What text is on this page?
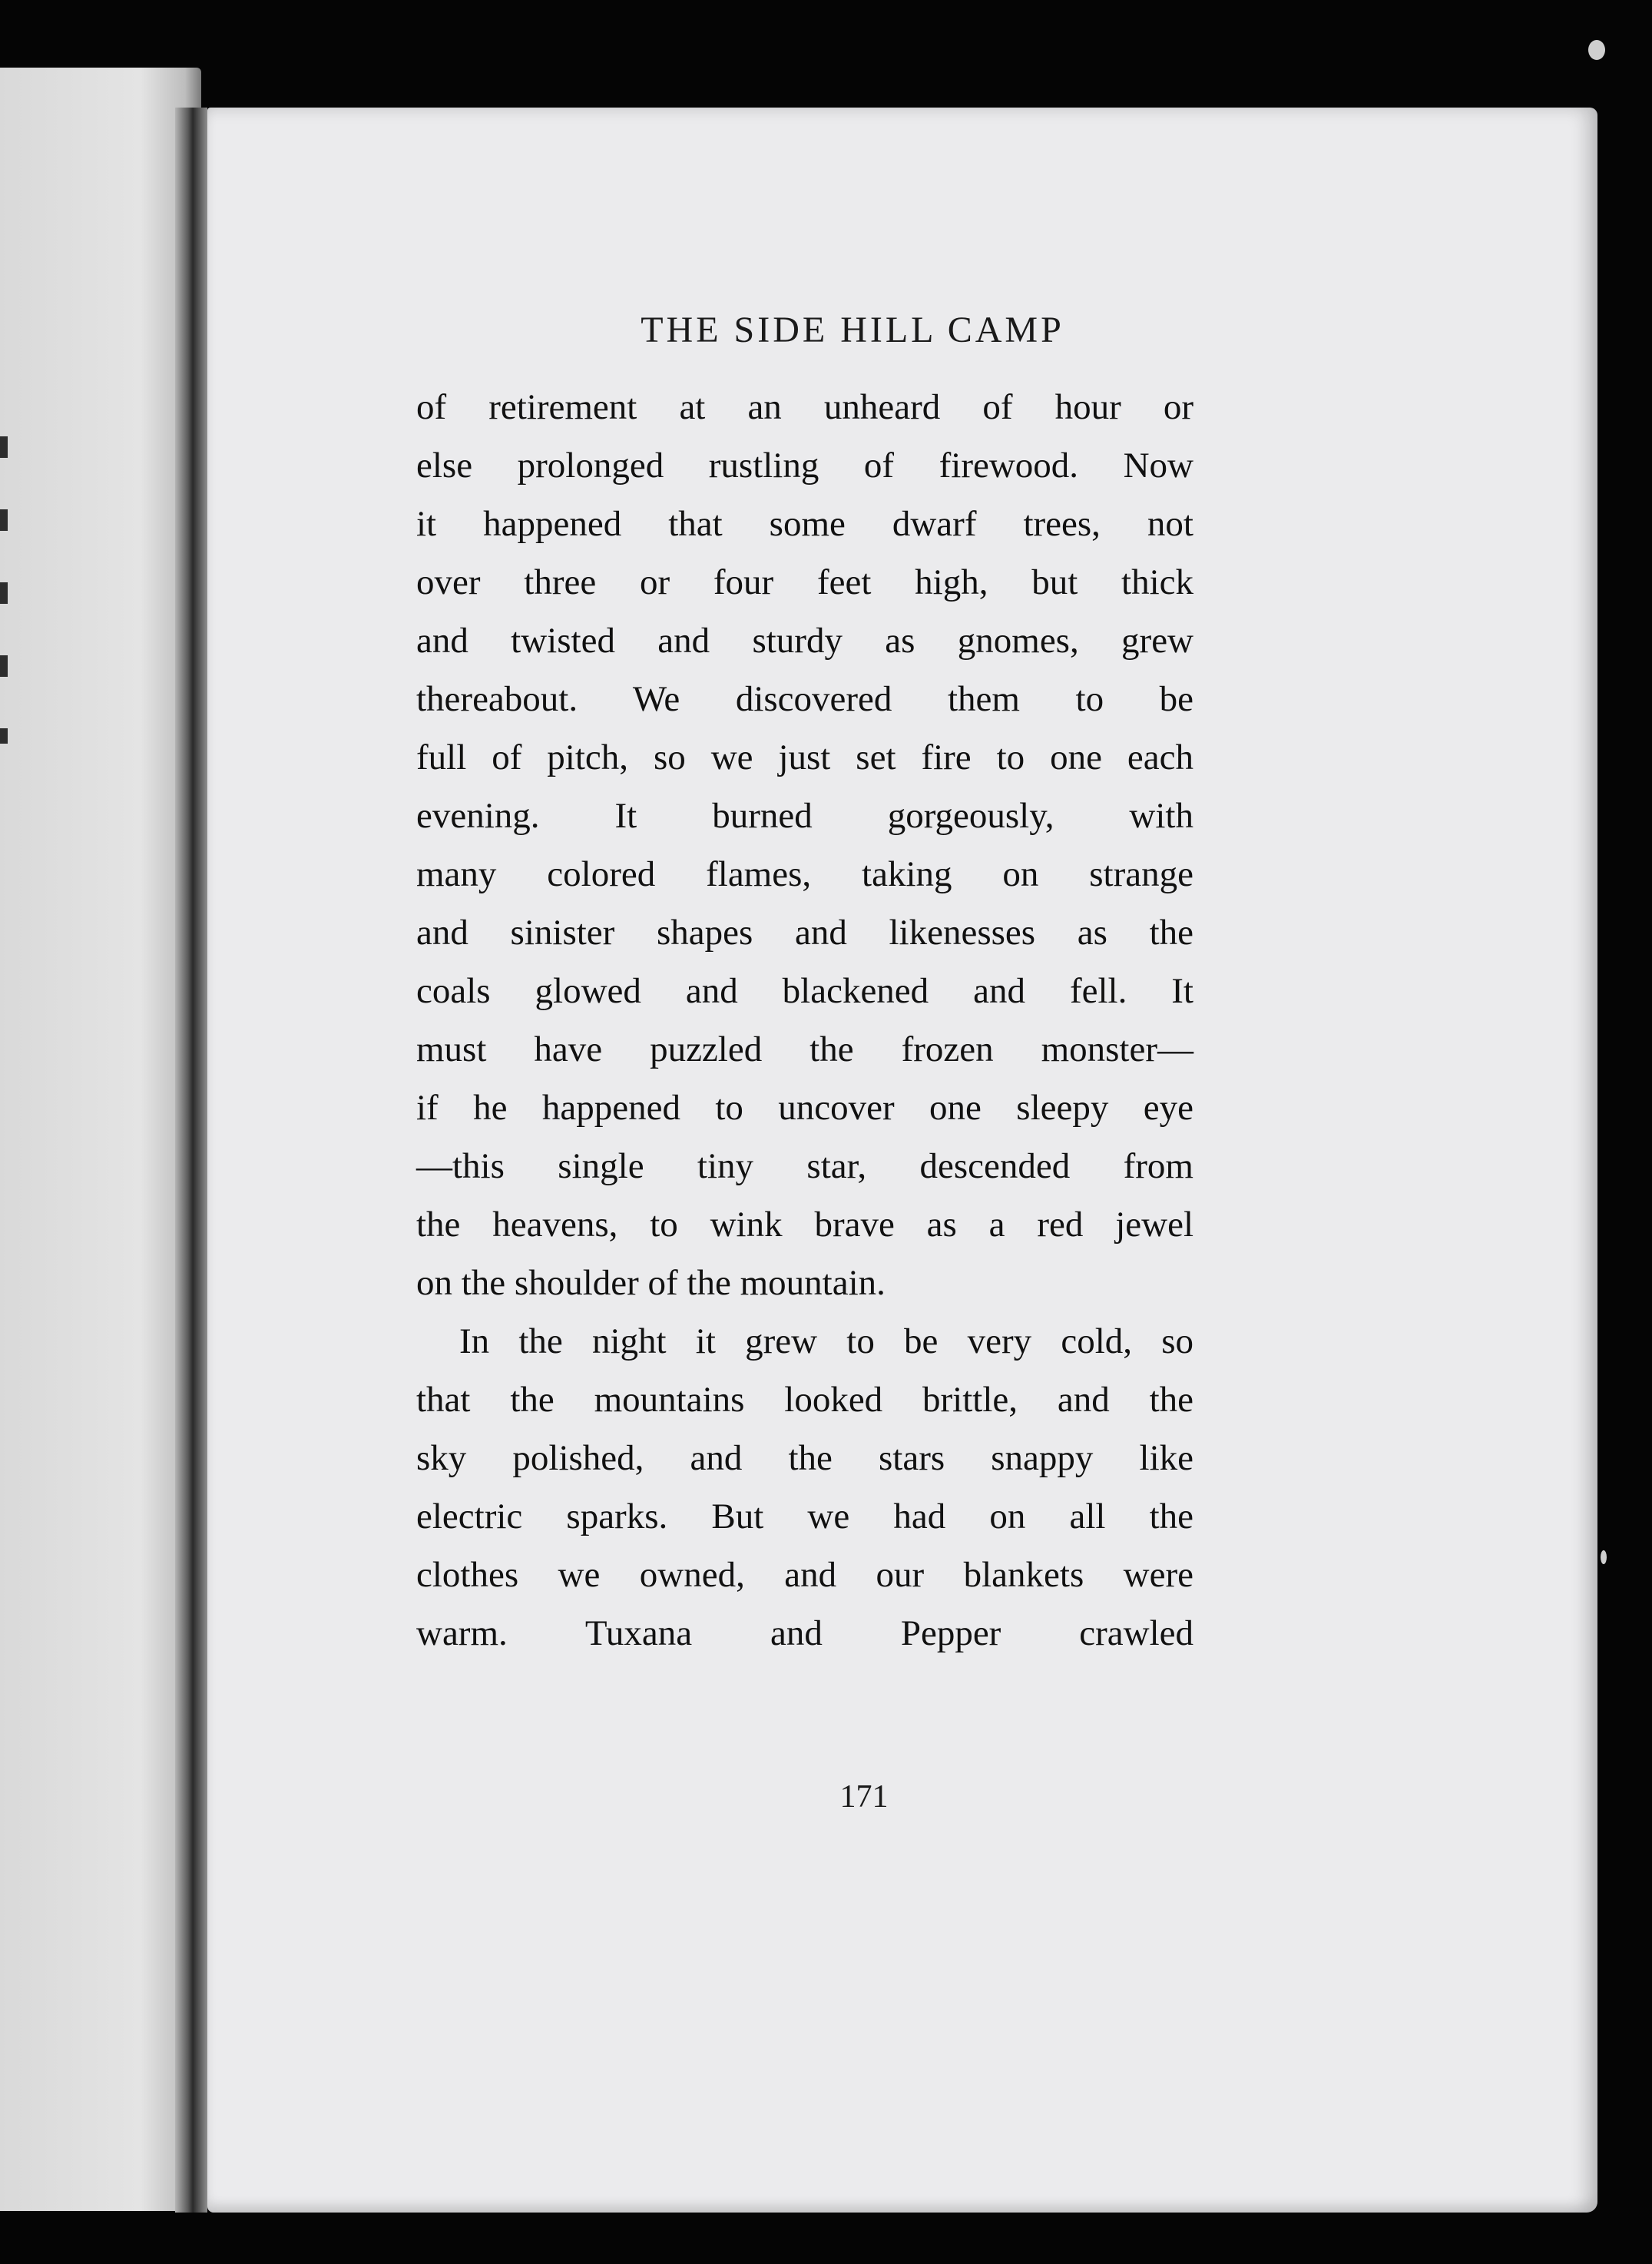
THE SIDE HILL CAMP
of retirement at an unheard of hour or
else prolonged rustling of firewood. Now
it happened that some dwarf trees, not
over three or four feet high, but thick
and twisted and sturdy as gnomes, grew
thereabout. We discovered them to be
full of pitch, so we just set fire to one each
evening. It burned gorgeously, with
many colored flames, taking on strange
and sinister shapes and likenesses as the
coals glowed and blackened and fell. It
must have puzzled the frozen monster—
if he happened to uncover one sleepy eye
—this single tiny star, descended from
the heavens, to wink brave as a red jewel
on the shoulder of the mountain.
In the night it grew to be very cold, so
that the mountains looked brittle, and the
sky polished, and the stars snappy like
electric sparks. But we had on all the
clothes we owned, and our blankets were
warm. Tuxana and Pepper crawled
171
